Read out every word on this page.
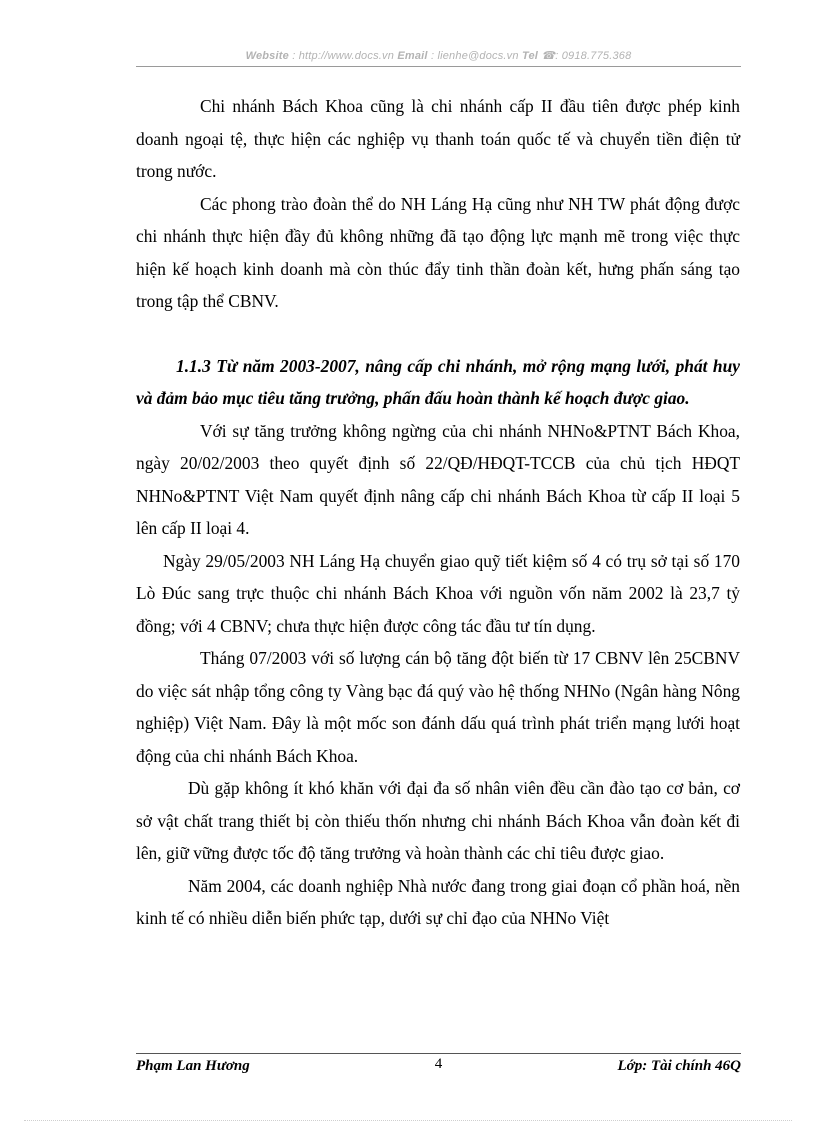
Website : http://www.docs.vn Email : lienhe@docs.vn Tel ☎: 0918.775.368

Chi nhánh Bách Khoa cũng là chi nhánh cấp II đầu tiên được phép kinh doanh ngoại tệ, thực hiện các nghiệp vụ thanh toán quốc tế và chuyển tiền điện tử trong nước.

Các phong trào đoàn thể do NH Láng Hạ cũng như NH TW phát động được chi nhánh thực hiện đầy đủ không những đã tạo động lực mạnh mẽ trong việc thực hiện kế hoạch kinh doanh mà còn thúc đẩy tinh thần đoàn kết, hưng phấn sáng tạo trong tập thể CBNV.

1.1.3 Từ năm 2003-2007, nâng cấp chi nhánh, mở rộng mạng lưới, phát huy và đảm bảo mục tiêu tăng trưởng, phấn đấu hoàn thành kế hoạch được giao.

Với sự tăng trưởng không ngừng của chi nhánh NHNo&PTNT Bách Khoa, ngày 20/02/2003 theo quyết định số 22/QĐ/HĐQT-TCCB của chủ tịch HĐQT NHNo&PTNT Việt Nam quyết định nâng cấp chi nhánh Bách Khoa từ cấp II loại 5 lên cấp II loại 4.

Ngày 29/05/2003 NH Láng Hạ chuyển giao quỹ tiết kiệm số 4 có trụ sở tại số 170 Lò Đúc sang trực thuộc chi nhánh Bách Khoa với nguồn vốn năm 2002 là 23,7 tỷ đồng; với 4 CBNV; chưa thực hiện được công tác đầu tư tín dụng.

Tháng 07/2003 với số lượng cán bộ tăng đột biến từ 17 CBNV lên 25CBNV do việc sát nhập tổng công ty Vàng bạc đá quý vào hệ thống NHNo (Ngân hàng Nông nghiệp) Việt Nam. Đây là một mốc son đánh dấu quá trình phát triển mạng lưới hoạt động của chi nhánh Bách Khoa.

Dù gặp không ít khó khăn với đại đa số nhân viên đều cần đào tạo cơ bản, cơ sở vật chất trang thiết bị còn thiếu thốn nhưng chi nhánh Bách Khoa vẫn đoàn kết đi lên, giữ vững được tốc độ tăng trưởng và hoàn thành các chỉ tiêu được giao.

Năm 2004, các doanh nghiệp Nhà nước đang trong giai đoạn cổ phần hoá, nền kinh tế có nhiều diễn biến phức tạp, dưới sự chỉ đạo của NHNo Việt

Phạm Lan Hương	4	Lớp: Tài chính 46Q
